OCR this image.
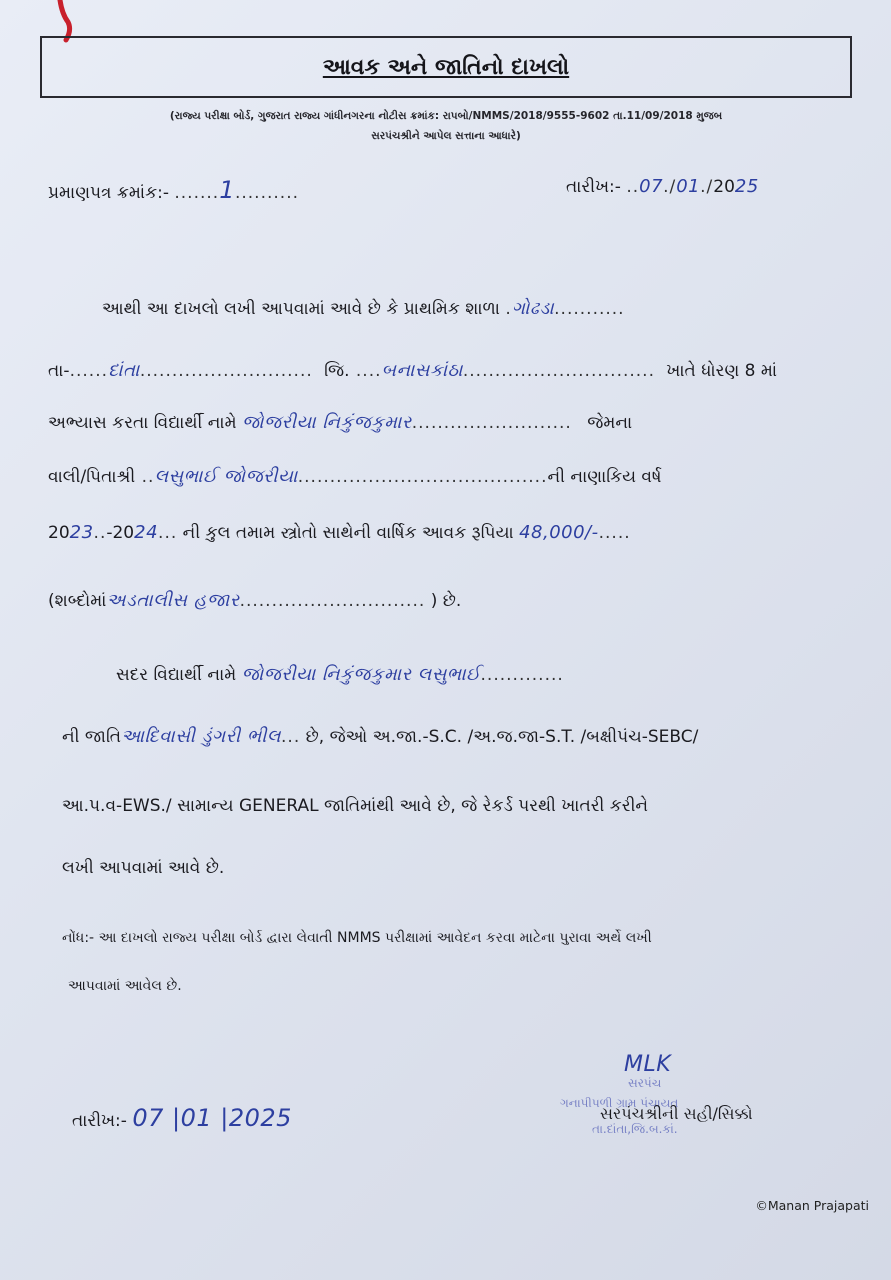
આવક અને જાતિનો દાખલો
(રાજ્ય પરીક્ષા બોર્ડ, ગુજરાત રાજ્ય ગાંધીનગરના નોટીસ ક્રમાંક: રાપબો/NMMS/2018/9555-9602 તા.11/09/2018 મુજબ
સરપંચશ્રીને આપેલ સત્તાના આધારે)
પ્રમાણપત્ર ક્રમાંક:- .......1..........	તારીખ:- ..07./01./2025
આથી આ દાખલો લખી આપવામાં આવે છે કે પ્રાથમિક શાળા .ગોઢડા...........
તા-......દાંતા........................... જિ. ....બનાસકાંઠા.............................. ખાતે ધોરણ 8 માં
અભ્યાસ કરતા વિદ્યાર્થી નામે જોજરીયા નિકુંજકુમાર......................... જેમના
વાલી/પિતાશ્રી ..લસુભાઈ જોજરીયા.......................................ની નાણાકિય વર્ષ
2023..-2024... ની કુલ તમામ સ્ત્રોતો સાથેની વાર્ષિક આવક રૂપિયા 48,000/-.....
(શબ્દોમાંઅડતાલીસ હજાર............................. ) છે.
સદર વિદ્યાર્થી નામે જોજરીયા નિકુંજકુમાર લસુભાઈ.............
ની જાતિઆદિવાસી ડુંગરી ભીલ... છે, જેઓ અ.જા.-S.C. /અ.જ.જા-S.T. /બક્ષીપંચ-SEBC/
આ.પ.વ-EWS./ સામાન્ય GENERAL જાતિમાંથી આવે છે, જે રેકર્ડ પરથી ખાતરી કરીને
લખી આપવામાં આવે છે.
નોંધ:- આ દાખલો રાજ્ય પરીક્ષા બોર્ડ દ્વારા લેવાતી NMMS પરીક્ષામાં આવેદન કરવા માટેના પુરાવા અર્થે લખી
આપવામાં આવેલ છે.
તારીખ:- 07 |01 |2025
MLK
સરપંચ
ગનાપીપળી ગ્રામ પંચાયત
તા.દાંતા,જિ.બ.કાં.
સરપંચશ્રીની સહી/સિક્કો
©Manan Prajapati
